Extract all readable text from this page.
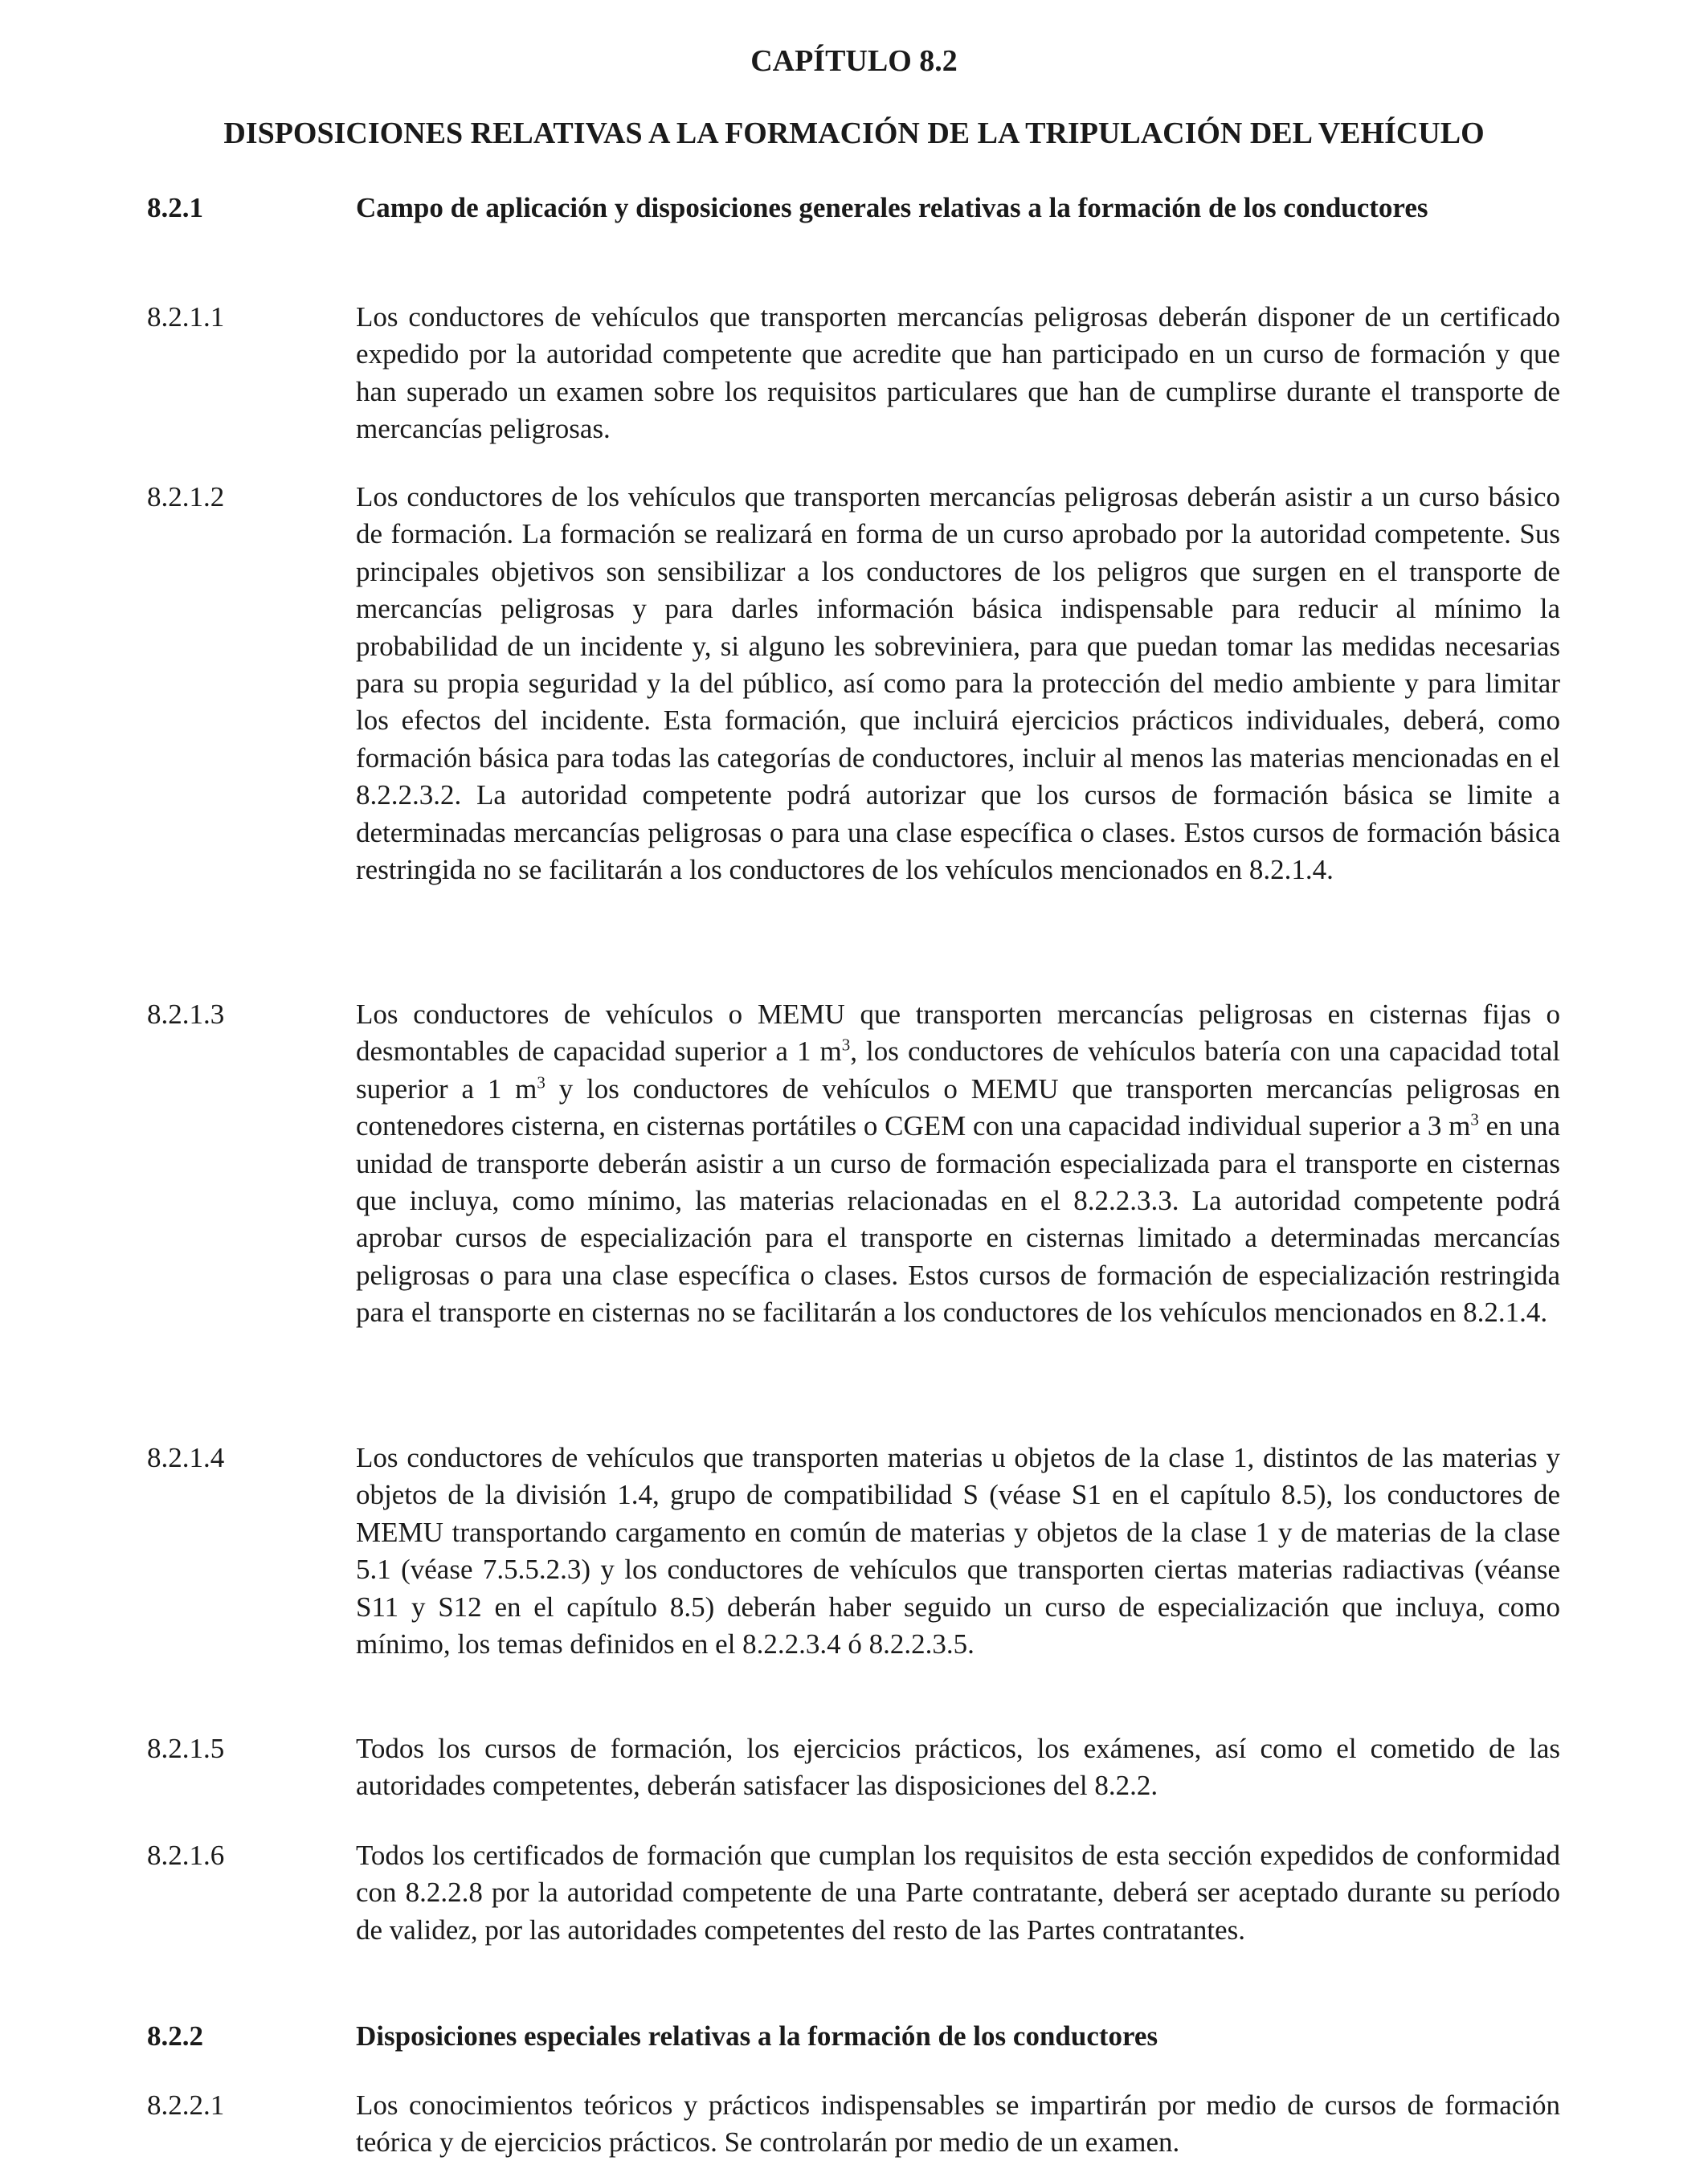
CAPÍTULO 8.2
DISPOSICIONES RELATIVAS A LA FORMACIÓN DE LA TRIPULACIÓN DEL VEHÍCULO
8.2.1	Campo de aplicación y disposiciones generales relativas a la formación de los conductores
8.2.1.1	Los conductores de vehículos que transporten mercancías peligrosas deberán disponer de un certificado expedido por la autoridad competente que acredite que han participado en un curso de formación y que han superado un examen sobre los requisitos particulares que han de cumplirse durante el transporte de mercancías peligrosas.
8.2.1.2	Los conductores de los vehículos que transporten mercancías peligrosas deberán asistir a un curso básico de formación. La formación se realizará en forma de un curso aprobado por la autoridad competente. Sus principales objetivos son sensibilizar a los conductores de los peligros que surgen en el transporte de mercancías peligrosas y para darles información básica indispensable para reducir al mínimo la probabilidad de un incidente y, si alguno les sobreviniera, para que puedan tomar las medidas necesarias para su propia seguridad y la del público, así como para la protección del medio ambiente y para limitar los efectos del incidente. Esta formación, que incluirá ejercicios prácticos individuales, deberá, como formación básica para todas las categorías de conductores, incluir al menos las materias mencionadas en el 8.2.2.3.2. La autoridad competente podrá autorizar que los cursos de formación básica se limite a determinadas mercancías peligrosas o para una clase específica o clases. Estos cursos de formación básica restringida no se facilitarán a los conductores de los vehículos mencionados en 8.2.1.4.
8.2.1.3	Los conductores de vehículos o MEMU que transporten mercancías peligrosas en cisternas fijas o desmontables de capacidad superior a 1 $m^3$, los conductores de vehículos batería con una capacidad total superior a 1 $m^3$ y los conductores de vehículos o MEMU que transporten mercancías peligrosas en contenedores cisterna, en cisternas portátiles o CGEM con una capacidad individual superior a 3 $m^3$ en una unidad de transporte deberán asistir a un curso de formación especializada para el transporte en cisternas que incluya, como mínimo, las materias relacionadas en el 8.2.2.3.3. La autoridad competente podrá aprobar cursos de especialización para el transporte en cisternas limitado a determinadas mercancías peligrosas o para una clase específica o clases. Estos cursos de formación de especialización restringida para el transporte en cisternas no se facilitarán a los conductores de los vehículos mencionados en 8.2.1.4.
8.2.1.4	Los conductores de vehículos que transporten materias u objetos de la clase 1, distintos de las materias y objetos de la división 1.4, grupo de compatibilidad S (véase S1 en el capítulo 8.5), los conductores de MEMU transportando cargamento en común de materias y objetos de la clase 1 y de materias de la clase 5.1 (véase 7.5.5.2.3) y los conductores de vehículos que transporten ciertas materias radiactivas (véanse S11 y S12 en el capítulo 8.5) deberán haber seguido un curso de especialización que incluya, como mínimo, los temas definidos en el 8.2.2.3.4 ó 8.2.2.3.5.
8.2.1.5	Todos los cursos de formación, los ejercicios prácticos, los exámenes, así como el cometido de las autoridades competentes, deberán satisfacer las disposiciones del 8.2.2.
8.2.1.6	Todos los certificados de formación que cumplan los requisitos de esta sección expedidos de conformidad con 8.2.2.8 por la autoridad competente de una Parte contratante, deberá ser aceptado durante su período de validez, por las autoridades competentes del resto de las Partes contratantes.
8.2.2	Disposiciones especiales relativas a la formación de los conductores
8.2.2.1	Los conocimientos teóricos y prácticos indispensables se impartirán por medio de cursos de formación teórica y de ejercicios prácticos. Se controlarán por medio de un examen.
